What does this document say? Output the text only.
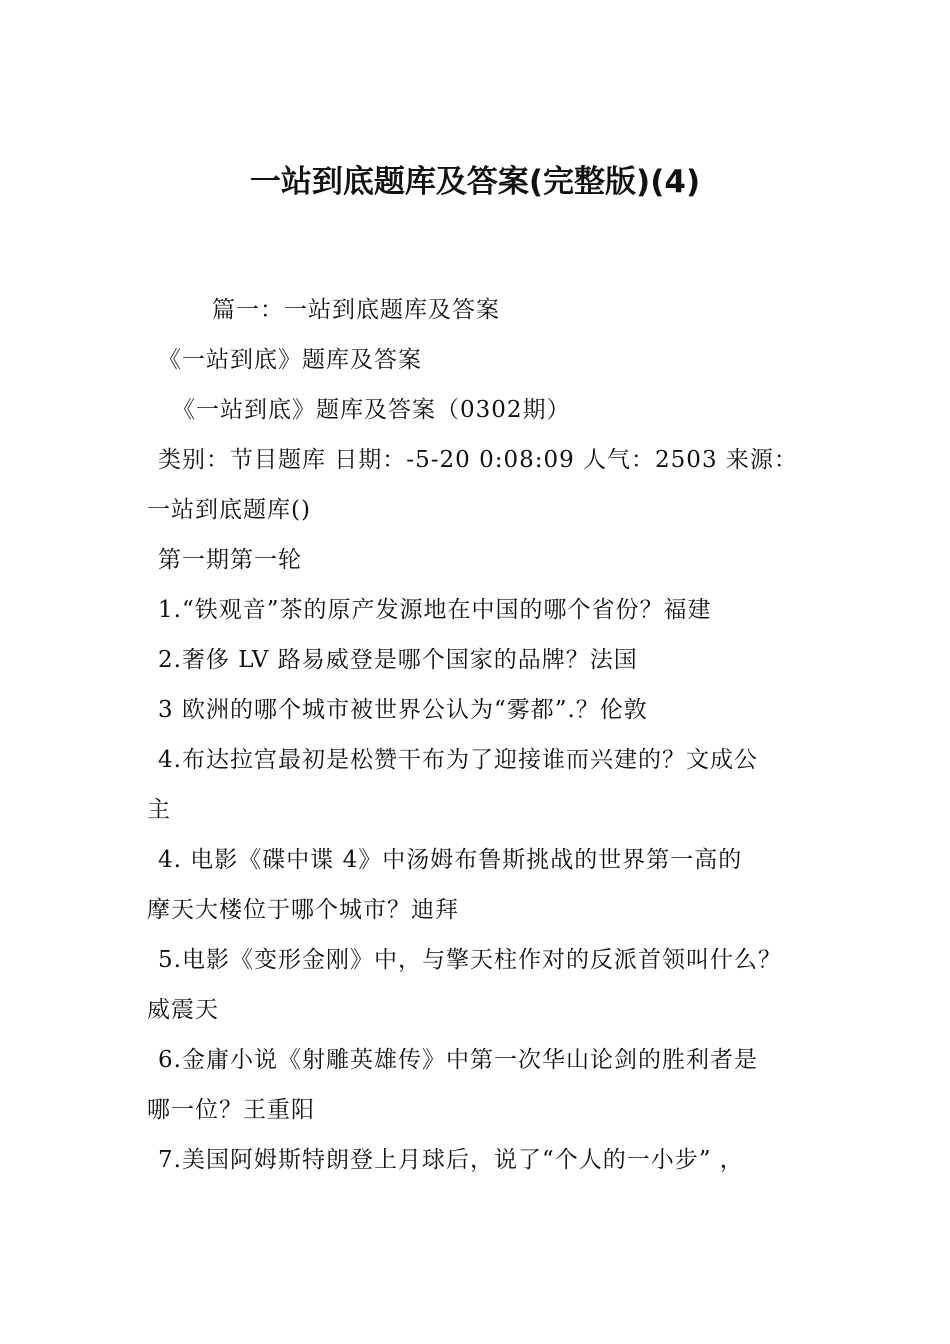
一站到底题库及答案(完整版)(4)
篇一：一站到底题库及答案
《一站到底》题库及答案
《一站到底》题库及答案（0302期）
类别：节目题库 日期：-5-20 0:08:09 人气：2503 来源：
一站到底题库()
第一期第一轮
1.“铁观音”茶的原产发源地在中国的哪个省份？福建
2.奢侈 LV 路易威登是哪个国家的品牌？法国
3 欧洲的哪个城市被世界公认为“雾都”.？伦敦
4.布达拉宫最初是松赞干布为了迎接谁而兴建的？文成公
主
4. 电影《碟中谍 4》中汤姆布鲁斯挑战的世界第一高的
摩天大楼位于哪个城市？迪拜
5.电影《变形金刚》中，与擎天柱作对的反派首领叫什么？
威震天
6.金庸小说《射雕英雄传》中第一次华山论剑的胜利者是
哪一位？王重阳
7.美国阿姆斯特朗登上月球后，说了“个人的一小步” ，
